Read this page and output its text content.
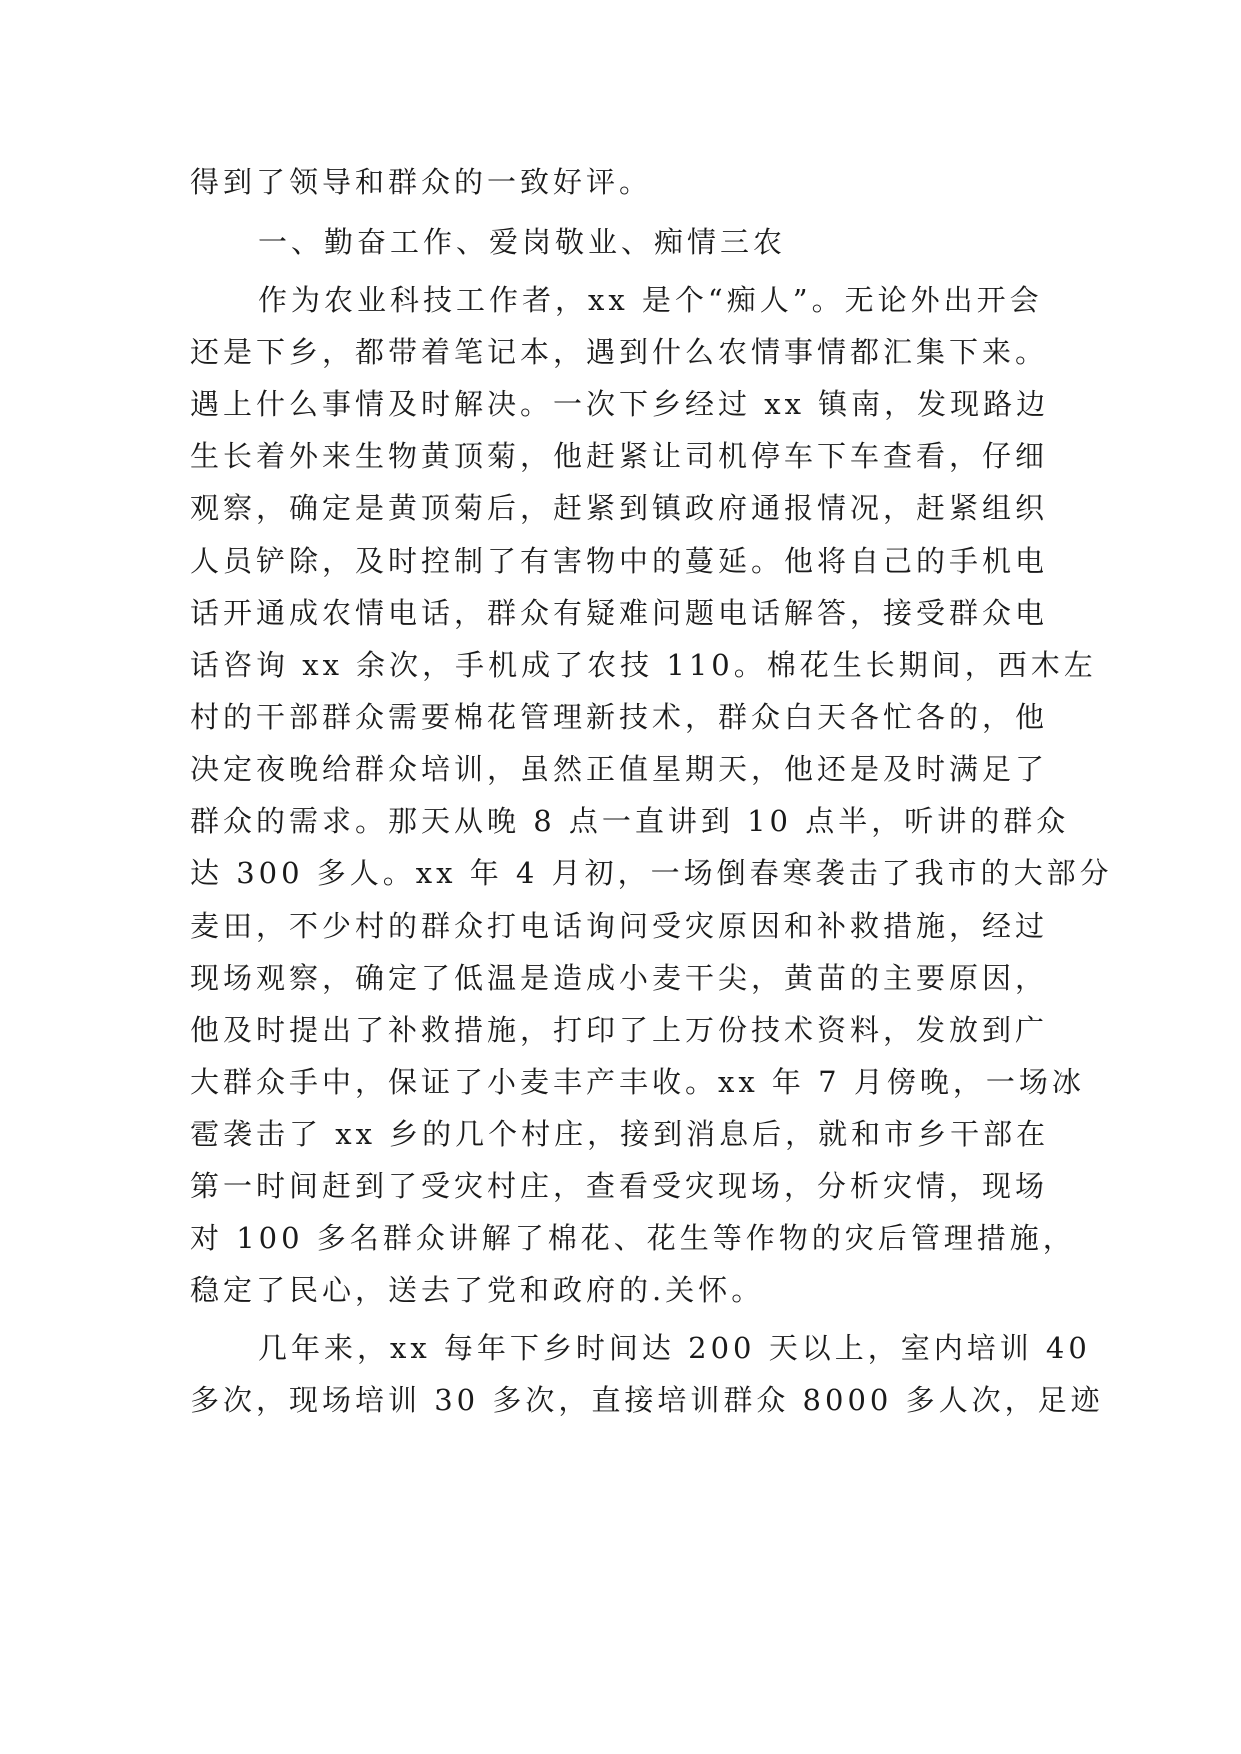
得到了领导和群众的一致好评。
一、勤奋工作、爱岗敬业、痴情三农
作为农业科技工作者，xx 是个“痴人”。无论外出开会
还是下乡，都带着笔记本，遇到什么农情事情都汇集下来。
遇上什么事情及时解决。一次下乡经过 xx 镇南，发现路边
生长着外来生物黄顶菊，他赶紧让司机停车下车查看，仔细
观察，确定是黄顶菊后，赶紧到镇政府通报情况，赶紧组织
人员铲除，及时控制了有害物中的蔓延。他将自己的手机电
话开通成农情电话，群众有疑难问题电话解答，接受群众电
话咨询 xx 余次，手机成了农技 110。棉花生长期间，西木左
村的干部群众需要棉花管理新技术，群众白天各忙各的，他
决定夜晚给群众培训，虽然正值星期天，他还是及时满足了
群众的需求。那天从晚 8 点一直讲到 10 点半，听讲的群众
达 300 多人。xx 年 4 月初，一场倒春寒袭击了我市的大部分
麦田，不少村的群众打电话询问受灾原因和补救措施，经过
现场观察，确定了低温是造成小麦干尖，黄苗的主要原因，
他及时提出了补救措施，打印了上万份技术资料，发放到广
大群众手中，保证了小麦丰产丰收。xx 年 7 月傍晚，一场冰
雹袭击了 xx 乡的几个村庄，接到消息后，就和市乡干部在
第一时间赶到了受灾村庄，查看受灾现场，分析灾情，现场
对 100 多名群众讲解了棉花、花生等作物的灾后管理措施，
稳定了民心，送去了党和政府的.关怀。
几年来，xx 每年下乡时间达 200 天以上，室内培训 40
多次，现场培训 30 多次，直接培训群众 8000 多人次，足迹
